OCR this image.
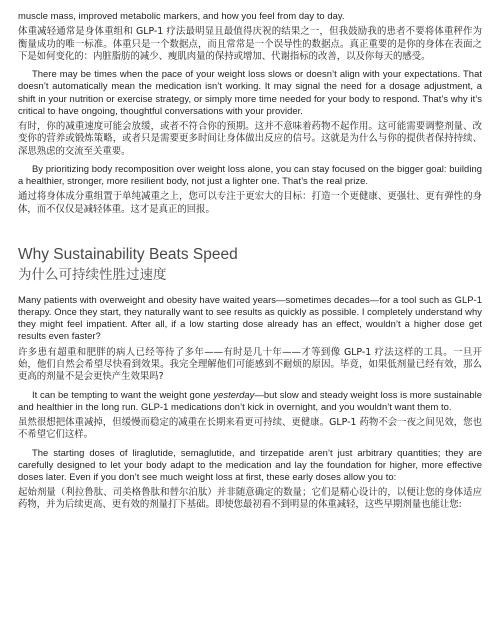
muscle mass, improved metabolic markers, and how you feel from day to day.

体重减轻通常是身体重组和 GLP-1 疗法最明显且最值得庆祝的结果之一，但我鼓励我的患者不要将体重秤作为衡量成功的唯一标准。体重只是一个数据点，而且常常是一个误导性的数据点。真正重要的是你的身体在表面之下是如何变化的：内脏脂肪的减少、瘦肌肉量的保持或增加、代谢指标的改善，以及你每天的感受。

There may be times when the pace of your weight loss slows or doesn’t align with your expectations. That doesn’t automatically mean the medication isn’t working. It may signal the need for a dosage adjustment, a shift in your nutrition or exercise strategy, or simply more time needed for your body to respond. That’s why it’s critical to have ongoing, thoughtful conversations with your provider.

有时，你的减重速度可能会放缓，或者不符合你的预期。这并不意味着药物不起作用。这可能需要调整剂量、改变你的营养或锻炼策略，或者只是需要更多时间让身体做出反应的信号。这就是为什么与你的提供者保持持续、深思熟虑的交流至关重要。

By prioritizing body recomposition over weight loss alone, you can stay focused on the bigger goal: building a healthier, stronger, more resilient body, not just a lighter one. That’s the real prize.

通过将身体成分重组置于单纯减重之上，您可以专注于更宏大的目标：打造一个更健康、更强壮、更有弹性的身体，而不仅仅是减轻体重。这才是真正的回报。

Why Sustainability Beats Speed
为什么可持续性胜过速度

Many patients with overweight and obesity have waited years—sometimes decades—for a tool such as GLP-1 therapy. Once they start, they naturally want to see results as quickly as possible. I completely understand why they might feel impatient. After all, if a low starting dose already has an effect, wouldn’t a higher dose get results even faster?

许多患有超重和肥胖的病人已经等待了多年——有时是几十年——才等到像 GLP-1 疗法这样的工具。一旦开始，他们自然会希望尽快看到效果。我完全理解他们可能感到不耐烦的原因。毕竟，如果低剂量已经有效，那么更高的剂量不是会更快产生效果吗?

It can be tempting to want the weight gone yesterday—but slow and steady weight loss is more sustainable and healthier in the long run. GLP-1 medications don’t kick in overnight, and you wouldn’t want them to.

虽然很想把体重减掉，但缓慢而稳定的减重在长期来看更可持续、更健康。GLP-1 药物不会一夜之间见效，您也不希望它们这样。

The starting doses of liraglutide, semaglutide, and tirzepatide aren’t just arbitrary quantities; they are carefully designed to let your body adapt to the medication and lay the foundation for higher, more effective doses later. Even if you don’t see much weight loss at first, these early doses allow you to:

起始剂量（利拉鲁肽、司美格鲁肽和替尔泊肽）并非随意确定的数量；它们是精心设计的，以便让您的身体适应药物，并为后续更高、更有效的剂量打下基础。即使您最初看不到明显的体重减轻，这些早期剂量也能让您:
